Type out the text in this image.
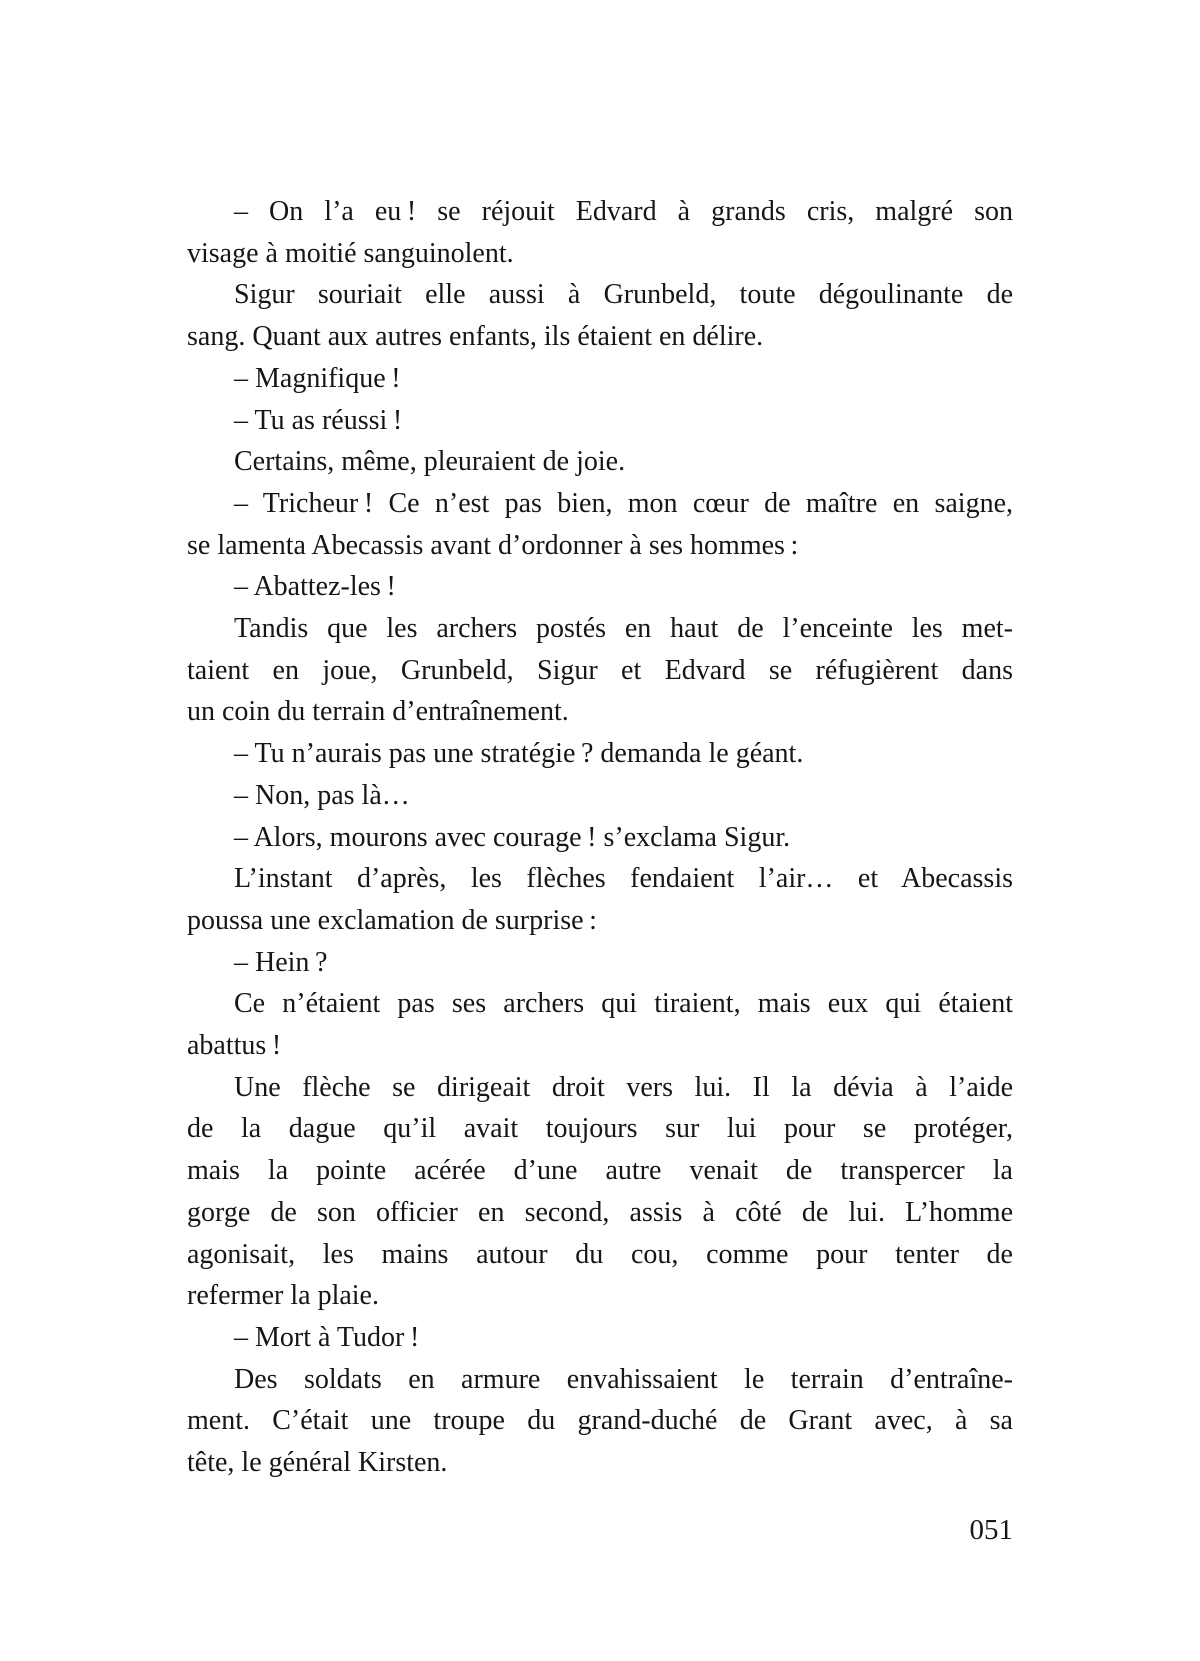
– On l’a eu ! se réjouit Edvard à grands cris, malgré son
visage à moitié sanguinolent.
Sigur souriait elle aussi à Grunbeld, toute dégoulinante de
sang. Quant aux autres enfants, ils étaient en délire.
– Magnifique !
– Tu as réussi !
Certains, même, pleuraient de joie.
– Tricheur ! Ce n’est pas bien, mon cœur de maître en saigne,
se lamenta Abecassis avant d’ordonner à ses hommes :
– Abattez-les !
Tandis que les archers postés en haut de l’enceinte les met-
taient en joue, Grunbeld, Sigur et Edvard se réfugièrent dans
un coin du terrain d’entraînement.
– Tu n’aurais pas une stratégie ? demanda le géant.
– Non, pas là…
– Alors, mourons avec courage ! s’exclama Sigur.
L’instant d’après, les flèches fendaient l’air… et Abecassis
poussa une exclamation de surprise :
– Hein ?
Ce n’étaient pas ses archers qui tiraient, mais eux qui étaient
abattus !
Une flèche se dirigeait droit vers lui. Il la dévia à l’aide
de la dague qu’il avait toujours sur lui pour se protéger,
mais la pointe acérée d’une autre venait de transpercer la
gorge de son officier en second, assis à côté de lui. L’homme
agonisait, les mains autour du cou, comme pour tenter de
refermer la plaie.
– Mort à Tudor !
Des soldats en armure envahissaient le terrain d’entraîne-
ment. C’était une troupe du grand-duché de Grant avec, à sa
tête, le général Kirsten.
051
